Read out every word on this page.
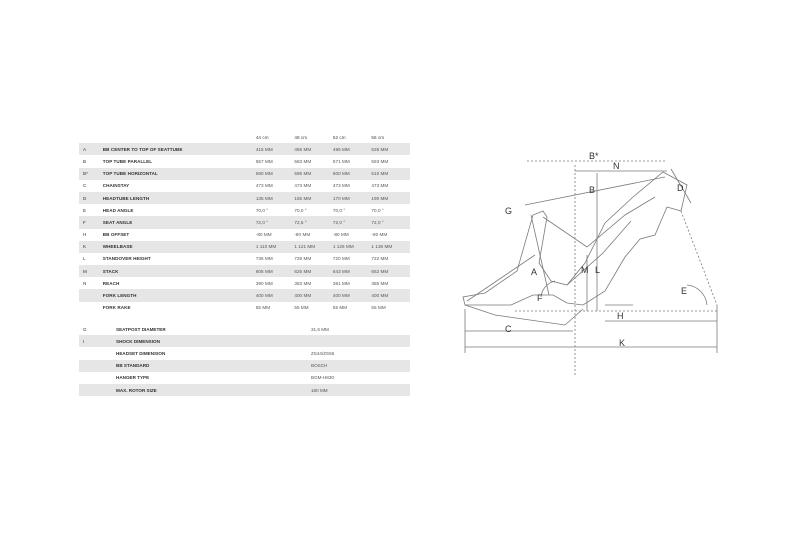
		44 cm	48 cm	52 cm	56 cm
A	BB CENTER TO TOP OF SEATTUBE	415 MM	455 MM	495 MM	535 MM
B	TOP TUBE PARALLEL	557 MM	583 MM	571 MM	593 MM
B*	TOP TUBE HORIZONTAL	590 MM	595 MM	600 MM	610 MM
C	CHAINSTAY	473 MM	473 MM	473 MM	473 MM
D	HEADTUBE LENGTH	135 MM	155 MM	170 MM	190 MM
E	HEAD ANGLE	70,0 °	70,0 °	70,0 °	70,0 °
F	SEAT ANGLE	72,0 °	72,5 °	72,0 °	72,0 °
H	BB OFFSET	-80 MM	-80 MM	-80 MM	-80 MM
K	WHEELBASE	1 110 MM	1 121 MM	1 126 MM	1 136 MM
L	STANDOVER HEIGHT	735 MM	728 MM	720 MM	722 MM
M	STACK	605 MM	625 MM	643 MM	662 MM
N	REACH	390 MM	383 MM	381 MM	385 MM
	FORK LENGTH	400 MM	400 MM	400 MM	400 MM
	FORK RAKE	55 MM	55 MM	55 MM	55 MM
G	SEATPOST DIAMETER	31,6 MM
I	SHOCK DIMENSION	
	HEADSET DIMENSION	ZS44/ZS56
	BB STANDARD	BOSCH
	HANGER TYPE	BGM-H830
	MAX. ROTOR SIZE	180 MM
B*
N
B	D
G
A	M L
E
F
H
C
K
